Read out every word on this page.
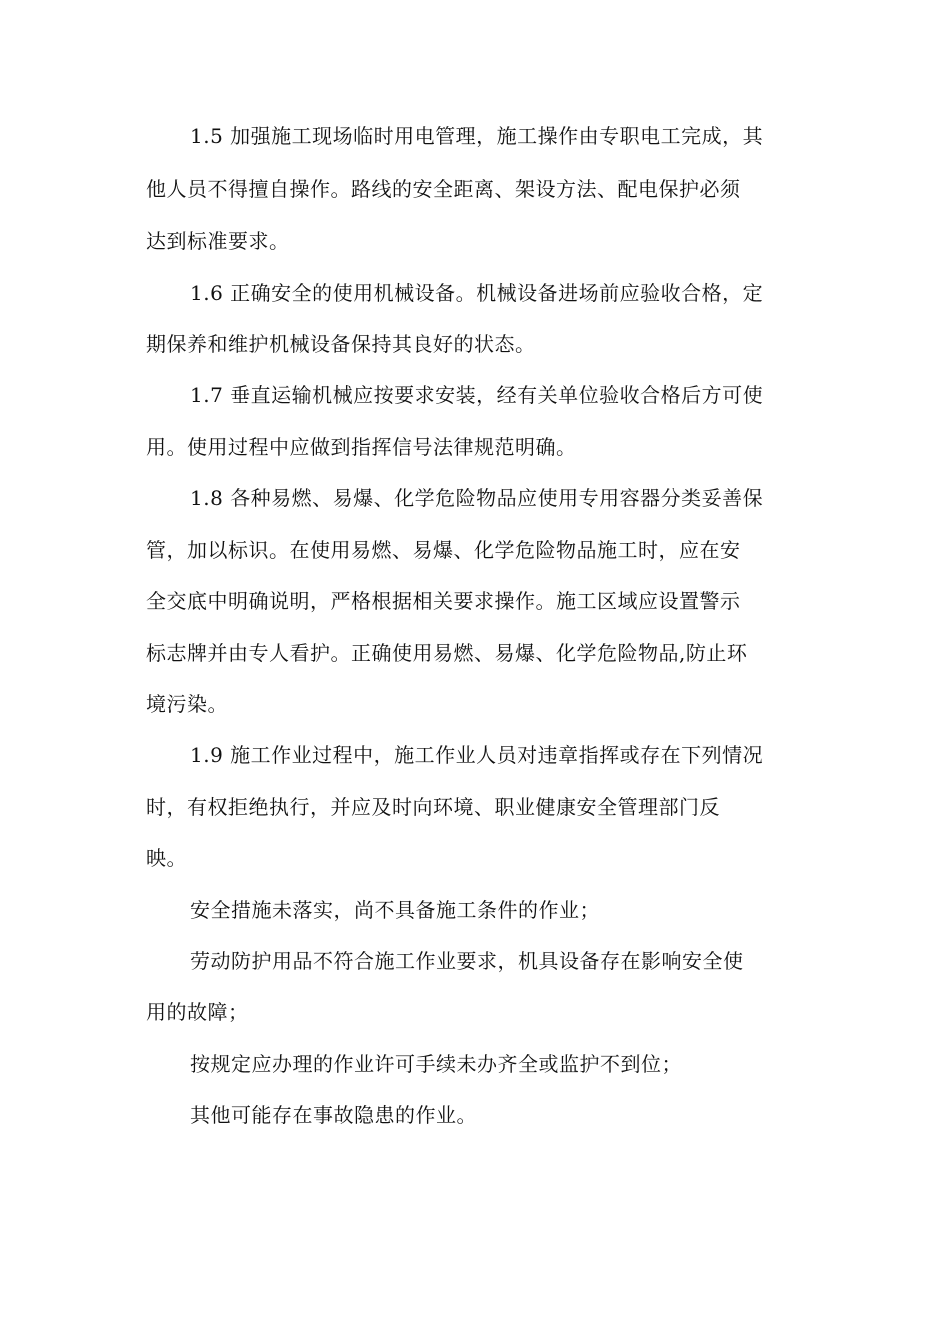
1.5 加强施工现场临时用电管理，施工操作由专职电工完成，其
他人员不得擅自操作。路线的安全距离、架设方法、配电保护必须
达到标准要求。
1.6 正确安全的使用机械设备。机械设备进场前应验收合格，定
期保养和维护机械设备保持其良好的状态。
1.7 垂直运输机械应按要求安装，经有关单位验收合格后方可使
用。使用过程中应做到指挥信号法律规范明确。
1.8 各种易燃、易爆、化学危险物品应使用专用容器分类妥善保
管，加以标识。在使用易燃、易爆、化学危险物品施工时，应在安
全交底中明确说明，严格根据相关要求操作。施工区域应设置警示
标志牌并由专人看护。正确使用易燃、易爆、化学危险物品,防止环
境污染。
1.9 施工作业过程中，施工作业人员对违章指挥或存在下列情况
时，有权拒绝执行，并应及时向环境、职业健康安全管理部门反
映。
安全措施未落实，尚不具备施工条件的作业；
劳动防护用品不符合施工作业要求，机具设备存在影响安全使
用的故障；
按规定应办理的作业许可手续未办齐全或监护不到位；
其他可能存在事故隐患的作业。
